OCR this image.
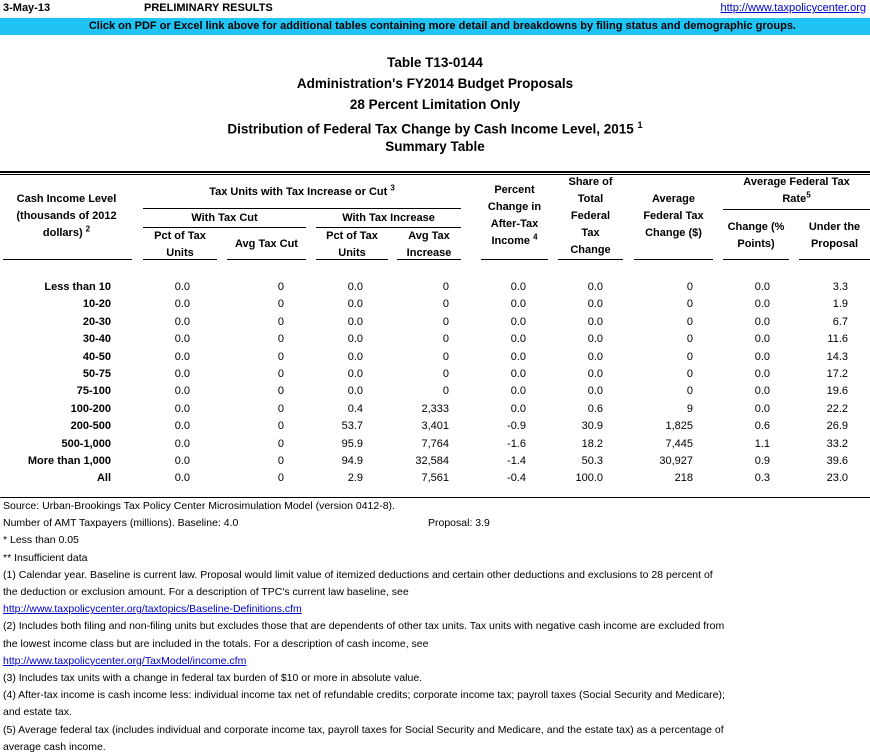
3-May-13	PRELIMINARY RESULTS	http://www.taxpolicycenter.org
Click on PDF or Excel link above for additional tables containing more detail and breakdowns by filing status and demographic groups.
Table T13-0144
Administration's FY2014 Budget Proposals
28 Percent Limitation Only
Distribution of Federal Tax Change by Cash Income Level, 2015 $^1$
Summary Table
Cash Income Level
(thousands of 2012
dollars) $^2$
Tax Units with Tax Increase or Cut $^3$
With Tax Cut	With Tax Increase
Pct of Tax
Units
Avg Tax Cut
Pct of Tax
Units
Avg Tax
Increase
Percent
Change in
After-Tax
Income $^4$
Share of
Total
Federal
Tax
Change
Average
Federal Tax
Change ($)
Average Federal Tax
Rate$^5$
Change (%
Points)
Under the
Proposal
Less than 10	0.0	0	0.0	0	0.0	0.0	0	0.0	3.3
10-20	0.0	0	0.0	0	0.0	0.0	0	0.0	1.9
20-30	0.0	0	0.0	0	0.0	0.0	0	0.0	6.7
30-40	0.0	0	0.0	0	0.0	0.0	0	0.0	11.6
40-50	0.0	0	0.0	0	0.0	0.0	0	0.0	14.3
50-75	0.0	0	0.0	0	0.0	0.0	0	0.0	17.2
75-100	0.0	0	0.0	0	0.0	0.0	0	0.0	19.6
100-200	0.0	0	0.4	2,333	0.0	0.6	9	0.0	22.2
200-500	0.0	0	53.7	3,401	-0.9	30.9	1,825	0.6	26.9
500-1,000	0.0	0	95.9	7,764	-1.6	18.2	7,445	1.1	33.2
More than 1,000	0.0	0	94.9	32,584	-1.4	50.3	30,927	0.9	39.6
All	0.0	0	2.9	7,561	-0.4	100.0	218	0.3	23.0
Source: Urban-Brookings Tax Policy Center Microsimulation Model (version 0412-8).
Number of AMT Taxpayers (millions). Baseline: 4.0	Proposal: 3.9
* Less than 0.05
** Insufficient data
(1) Calendar year. Baseline is current law. Proposal would limit value of itemized deductions and certain other deductions and exclusions to 28 percent of
the deduction or exclusion amount. For a description of TPC's current law baseline, see
http://www.taxpolicycenter.org/taxtopics/Baseline-Definitions.cfm
(2) Includes both filing and non-filing units but excludes those that are dependents of other tax units. Tax units with negative cash income are excluded from
the lowest income class but are included in the totals. For a description of cash income, see
http://www.taxpolicycenter.org/TaxModel/income.cfm
(3) Includes tax units with a change in federal tax burden of $10 or more in absolute value.
(4) After-tax income is cash income less: individual income tax net of refundable credits; corporate income tax; payroll taxes (Social Security and Medicare);
and estate tax.
(5) Average federal tax (includes individual and corporate income tax, payroll taxes for Social Security and Medicare, and the estate tax) as a percentage of
average cash income.
